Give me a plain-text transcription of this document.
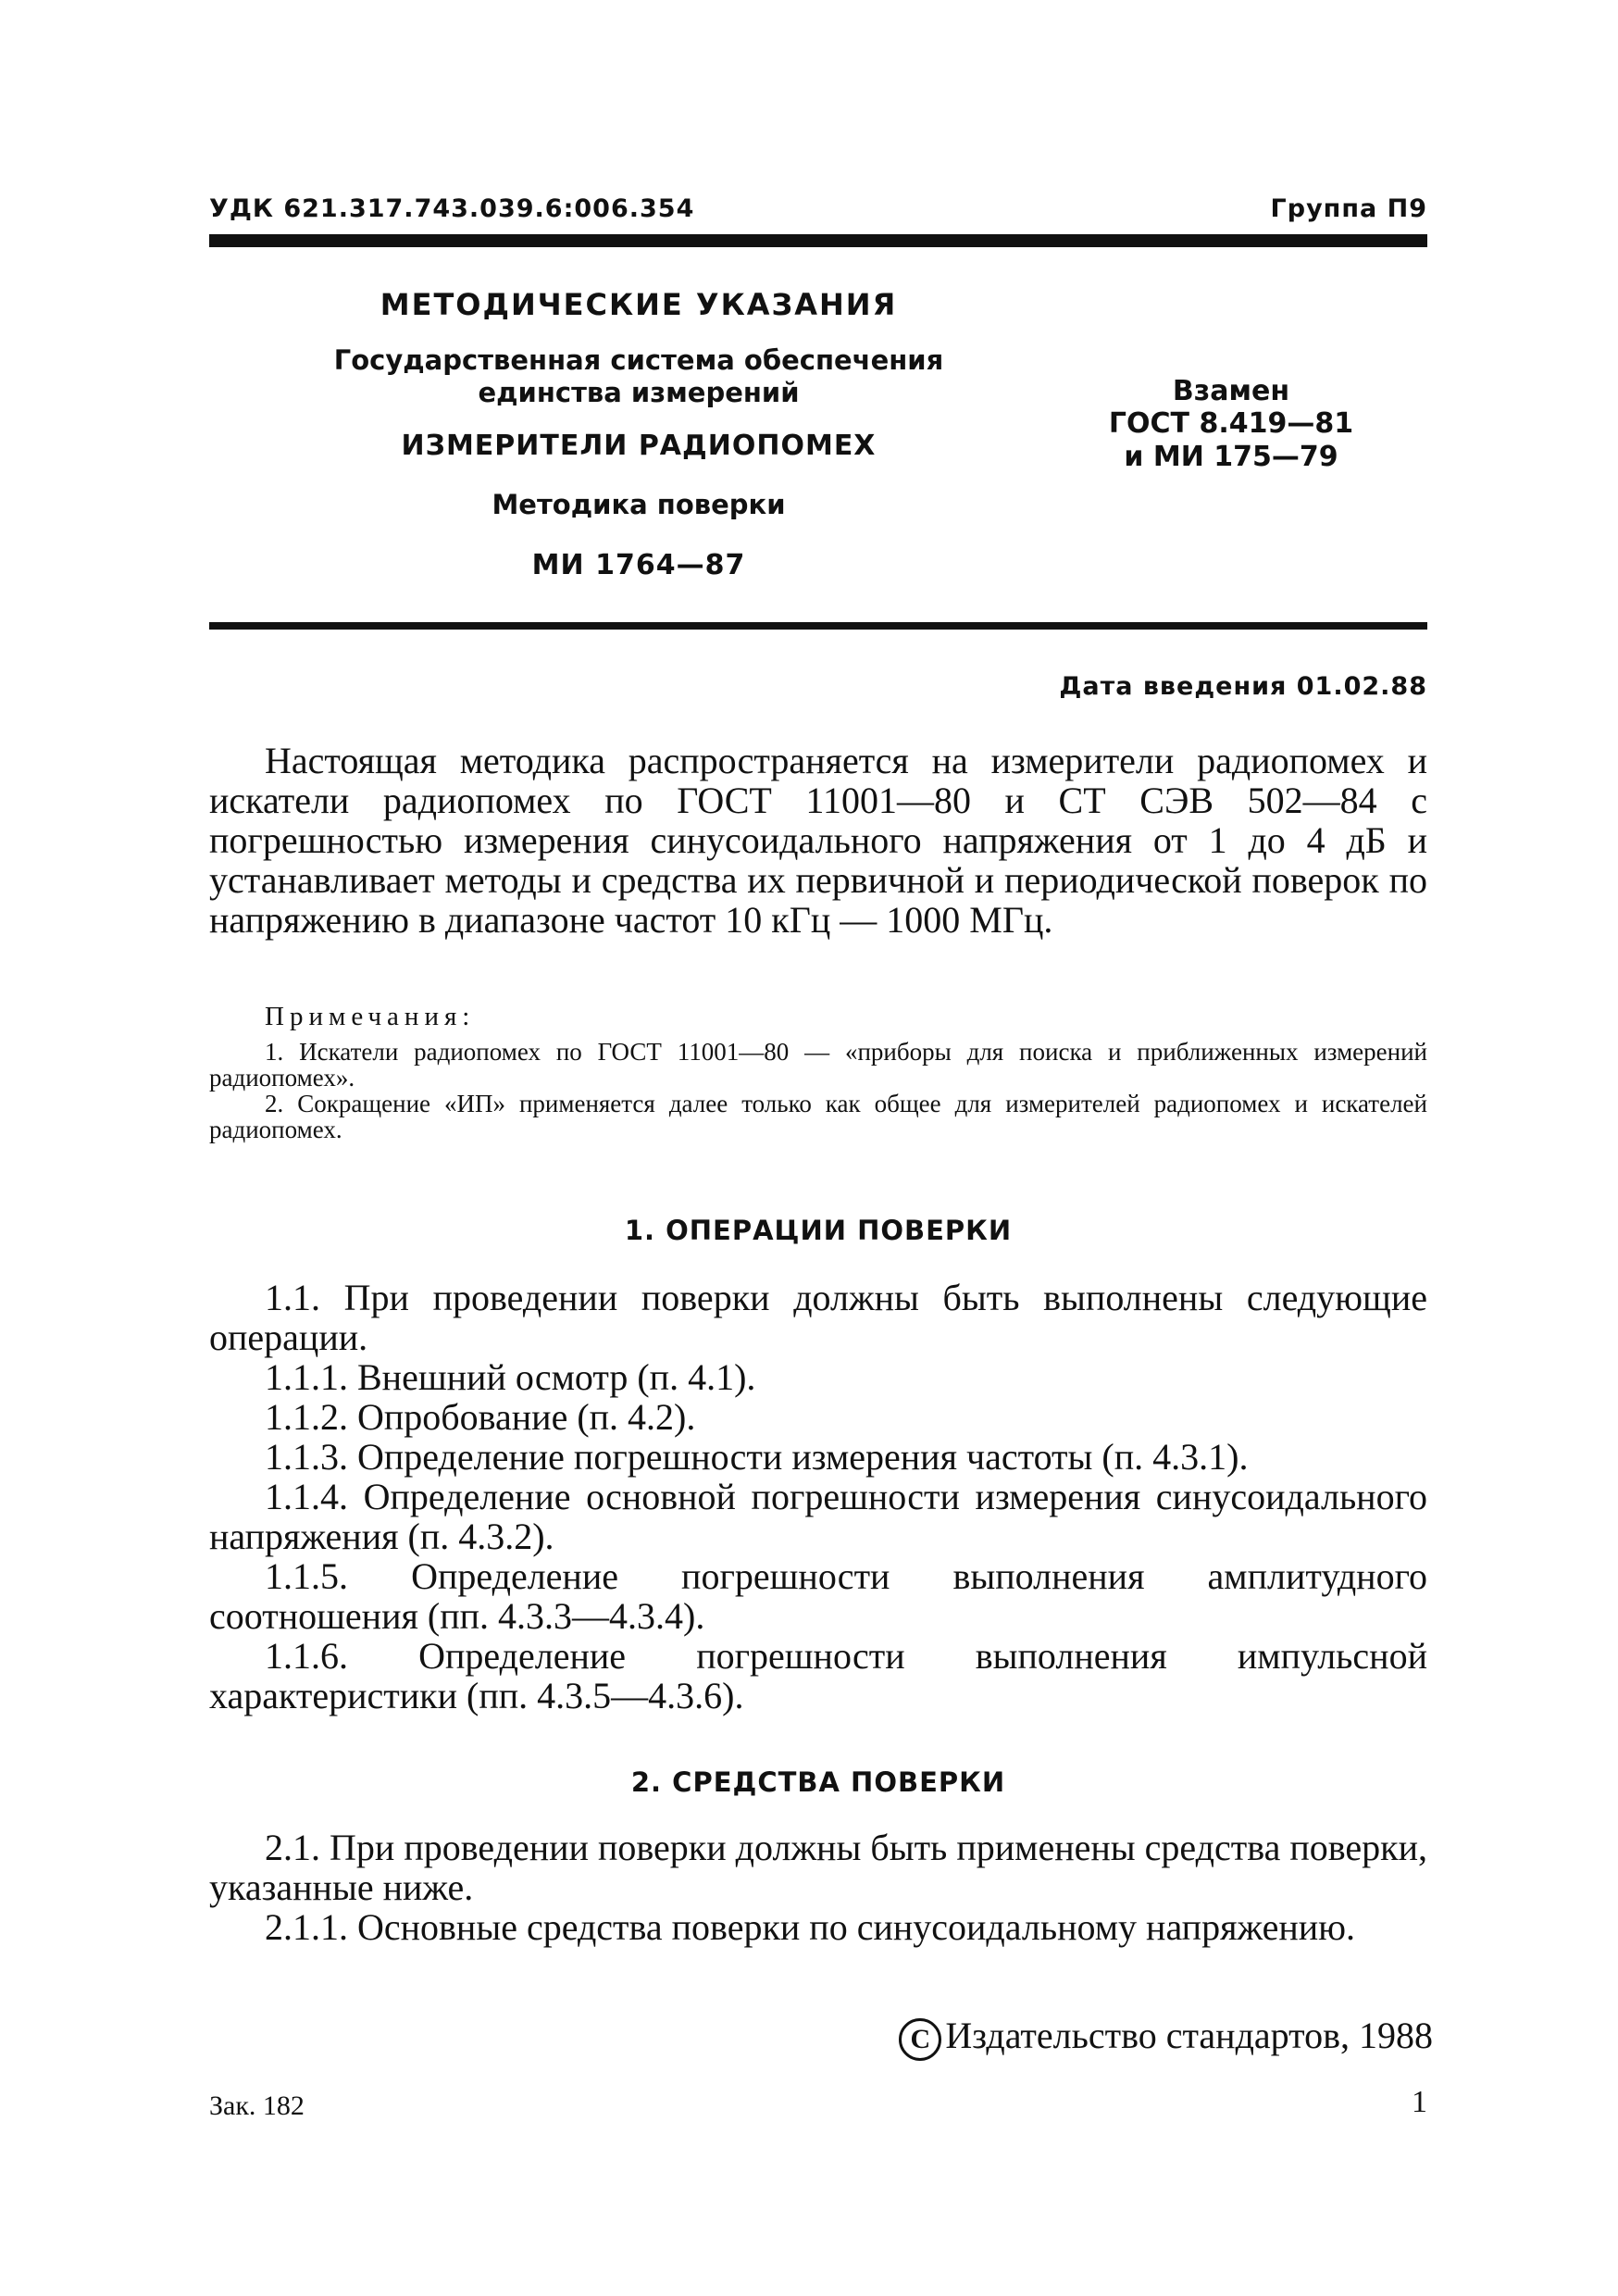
УДК 621.317.743.039.6:006.354	Группа П9
МЕТОДИЧЕСКИЕ УКАЗАНИЯ
Государственная система обеспечения
единства измерений
ИЗМЕРИТЕЛИ РАДИОПОМЕХ
Методика поверки
МИ 1764—87
Взамен
ГОСТ 8.419—81
и МИ 175—79
Дата введения 01.02.88

Настоящая методика распространяется на измерители радиопомех и искатели радиопомех по ГОСТ 11001—80 и СТ СЭВ 502—84 с погрешностью измерения синусоидального напряжения от 1 до 4 дБ и устанавливает методы и средства их первичной и периодической поверок по напряжению в диапазоне частот 10 кГц — 1000 МГц.

Примечания:

1. Искатели радиопомех по ГОСТ 11001—80 — «приборы для поиска и приближенных измерений радиопомех».

2. Сокращение «ИП» применяется далее только как общее для измерителей радиопомех и искателей радиопомех.

1. ОПЕРАЦИИ ПОВЕРКИ

1.1. При проведении поверки должны быть выполнены следующие операции.

1.1.1. Внешний осмотр (п. 4.1).

1.1.2. Опробование (п. 4.2).

1.1.3. Определение погрешности измерения частоты (п. 4.3.1).

1.1.4. Определение основной погрешности измерения синусоидального напряжения (п. 4.3.2).

1.1.5. Определение погрешности выполнения амплитудного соотношения (пп. 4.3.3—4.3.4).

1.1.6. Определение погрешности выполнения импульсной характеристики (пп. 4.3.5—4.3.6).

2. СРЕДСТВА ПОВЕРКИ

2.1. При проведении поверки должны быть применены средства поверки, указанные ниже.

2.1.1. Основные средства поверки по синусоидальному напряжению.

C Издательство стандартов, 1988
Зак. 182	1
